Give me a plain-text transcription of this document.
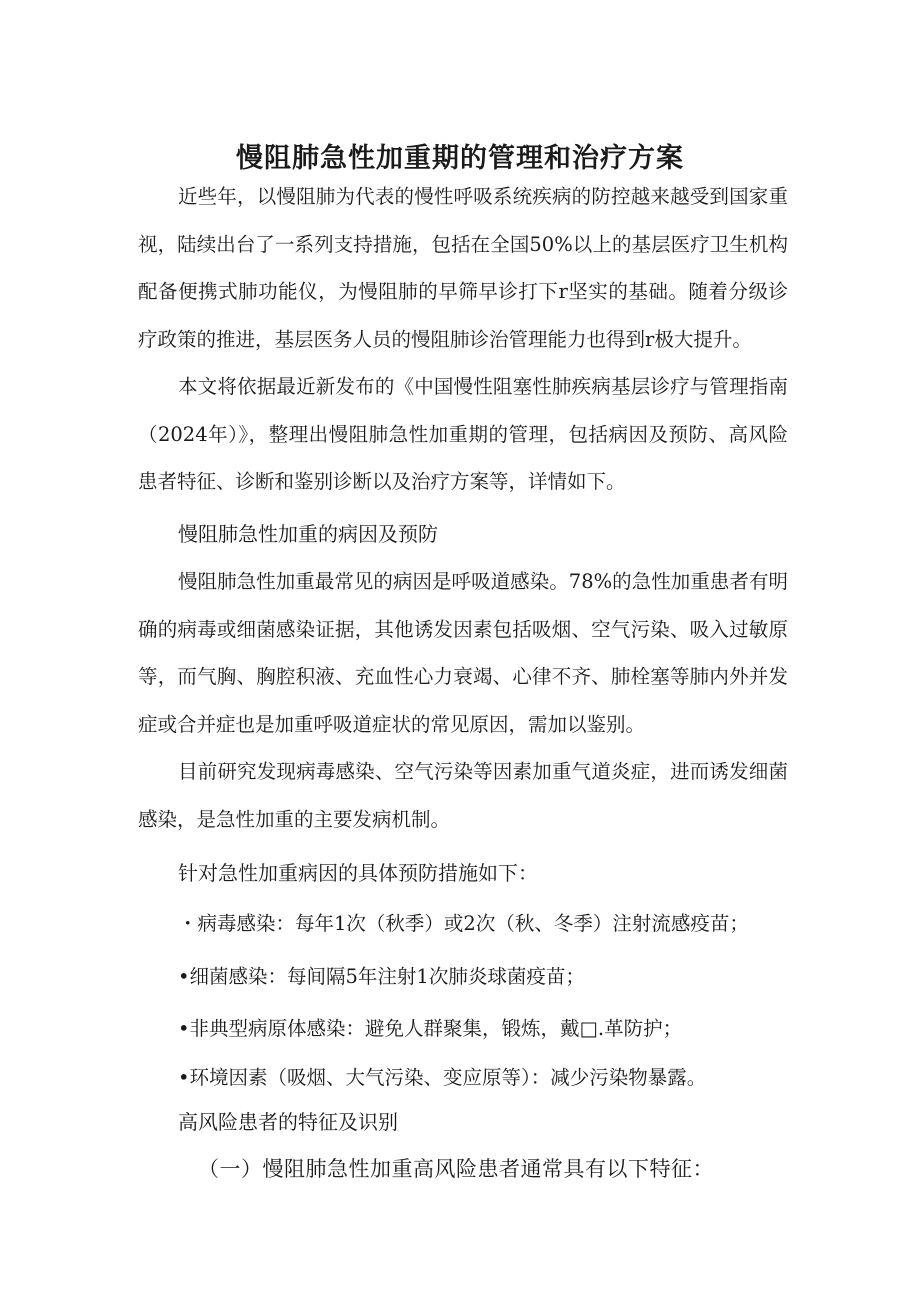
慢阻肺急性加重期的管理和治疗方案

近些年，以慢阻肺为代表的慢性呼吸系统疾病的防控越来越受到国家重视，陆续出台了一系列支持措施，包括在全国50%以上的基层医疗卫生机构配备便携式肺功能仪，为慢阻肺的早筛早诊打下r坚实的基础。随着分级诊疗政策的推进，基层医务人员的慢阻肺诊治管理能力也得到r极大提升。

本文将依据最近新发布的《中国慢性阻塞性肺疾病基层诊疗与管理指南（2024年）》，整理出慢阻肺急性加重期的管理，包括病因及预防、高风险患者特征、诊断和鉴别诊断以及治疗方案等，详情如下。

慢阻肺急性加重的病因及预防

慢阻肺急性加重最常见的病因是呼吸道感染。78%的急性加重患者有明确的病毒或细菌感染证据，其他诱发因素包括吸烟、空气污染、吸入过敏原等，而气胸、胸腔积液、充血性心力衰竭、心律不齐、肺栓塞等肺内外并发症或合并症也是加重呼吸道症状的常见原因，需加以鉴别。

目前研究发现病毒感染、空气污染等因素加重气道炎症，进而诱发细菌感染，是急性加重的主要发病机制。

针对急性加重病因的具体预防措施如下：

・病毒感染：每年1次（秋季）或2次（秋、冬季）注射流感疫苗；

•细菌感染：每间隔5年注射1次肺炎球菌疫苗；

•非典型病原体感染：避免人群聚集，锻炼，戴□.革防护；

•环境因素（吸烟、大气污染、变应原等）：减少污染物暴露。

高风险患者的特征及识别
（一）慢阻肺急性加重高风险患者通常具有以下特征：
